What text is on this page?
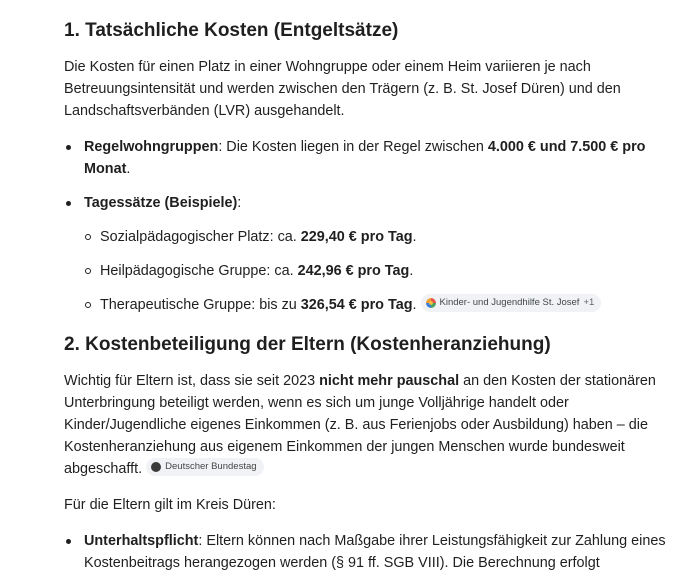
1. Tatsächliche Kosten (Entgeltsätze)

Die Kosten für einen Platz in einer Wohngruppe oder einem Heim variieren je nach Betreuungsintensität und werden zwischen den Trägern (z. B. St. Josef Düren) und den Landschaftsverbänden (LVR) ausgehandelt.

Regelwohngruppen: Die Kosten liegen in der Regel zwischen 4.000 € und 7.500 € pro Monat.
Tagessätze (Beispiele):
Sozialpädagogischer Platz: ca. 229,40 € pro Tag.
Heilpädagogische Gruppe: ca. 242,96 € pro Tag.
Therapeutische Gruppe: bis zu 326,54 € pro Tag. Kinder- und Jugendhilfe St. Josef +1
2. Kostenbeteiligung der Eltern (Kostenheranziehung)

Wichtig für Eltern ist, dass sie seit 2023 nicht mehr pauschal an den Kosten der stationären Unterbringung beteiligt werden, wenn es sich um junge Volljährige handelt oder Kinder/Jugendliche eigenes Einkommen (z. B. aus Ferienjobs oder Ausbildung) haben – die Kostenheranziehung aus eigenem Einkommen der jungen Menschen wurde bundesweit abgeschafft. Deutscher Bundestag

Für die Eltern gilt im Kreis Düren:

Unterhaltspflicht: Eltern können nach Maßgabe ihrer Leistungsfähigkeit zur Zahlung eines Kostenbeitrags herangezogen werden (§ 91 ff. SGB VIII). Die Berechnung erfolgt
